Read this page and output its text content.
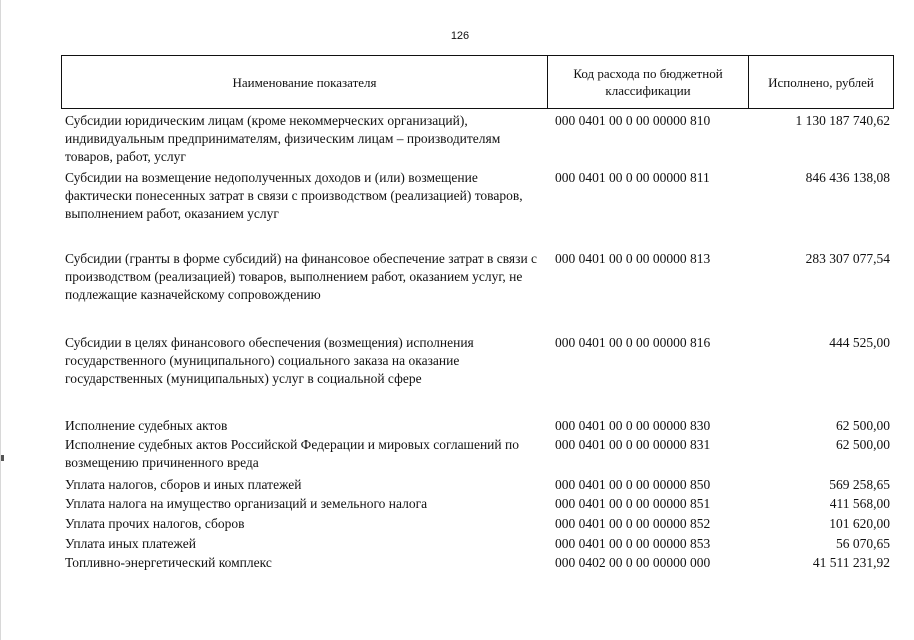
126
Наименование показателя
Код расхода по бюджетной классификации
Исполнено, рублей
Субсидии юридическим лицам (кроме некоммерческих организаций), индивидуальным предпринимателям, физическим лицам – производителям товаров, работ, услуг
000 0401 00 0 00 00000 810	1 130 187 740,62
Субсидии на возмещение недополученных доходов и (или) возмещение фактически понесенных затрат в связи с производством (реализацией) товаров, выполнением работ, оказанием услуг
000 0401 00 0 00 00000 811	846 436 138,08
Субсидии (гранты в форме субсидий) на финансовое обеспечение затрат в связи с производством (реализацией) товаров, выполнением работ, оказанием услуг, не подлежащие казначейскому сопровождению
000 0401 00 0 00 00000 813	283 307 077,54
Субсидии в целях финансового обеспечения (возмещения) исполнения государственного (муниципального) социального заказа на оказание государственных (муниципальных) услуг в социальной сфере
000 0401 00 0 00 00000 816	444 525,00
Исполнение судебных актов	000 0401 00 0 00 00000 830	62 500,00
Исполнение судебных актов Российской Федерации и мировых соглашений по возмещению причиненного вреда
000 0401 00 0 00 00000 831	62 500,00
Уплата налогов, сборов и иных платежей	000 0401 00 0 00 00000 850	569 258,65
Уплата налога на имущество организаций и земельного налога	000 0401 00 0 00 00000 851	411 568,00
Уплата прочих налогов, сборов	000 0401 00 0 00 00000 852	101 620,00
Уплата иных платежей	000 0401 00 0 00 00000 853	56 070,65
Топливно-энергетический комплекс	000 0402 00 0 00 00000 000	41 511 231,92
